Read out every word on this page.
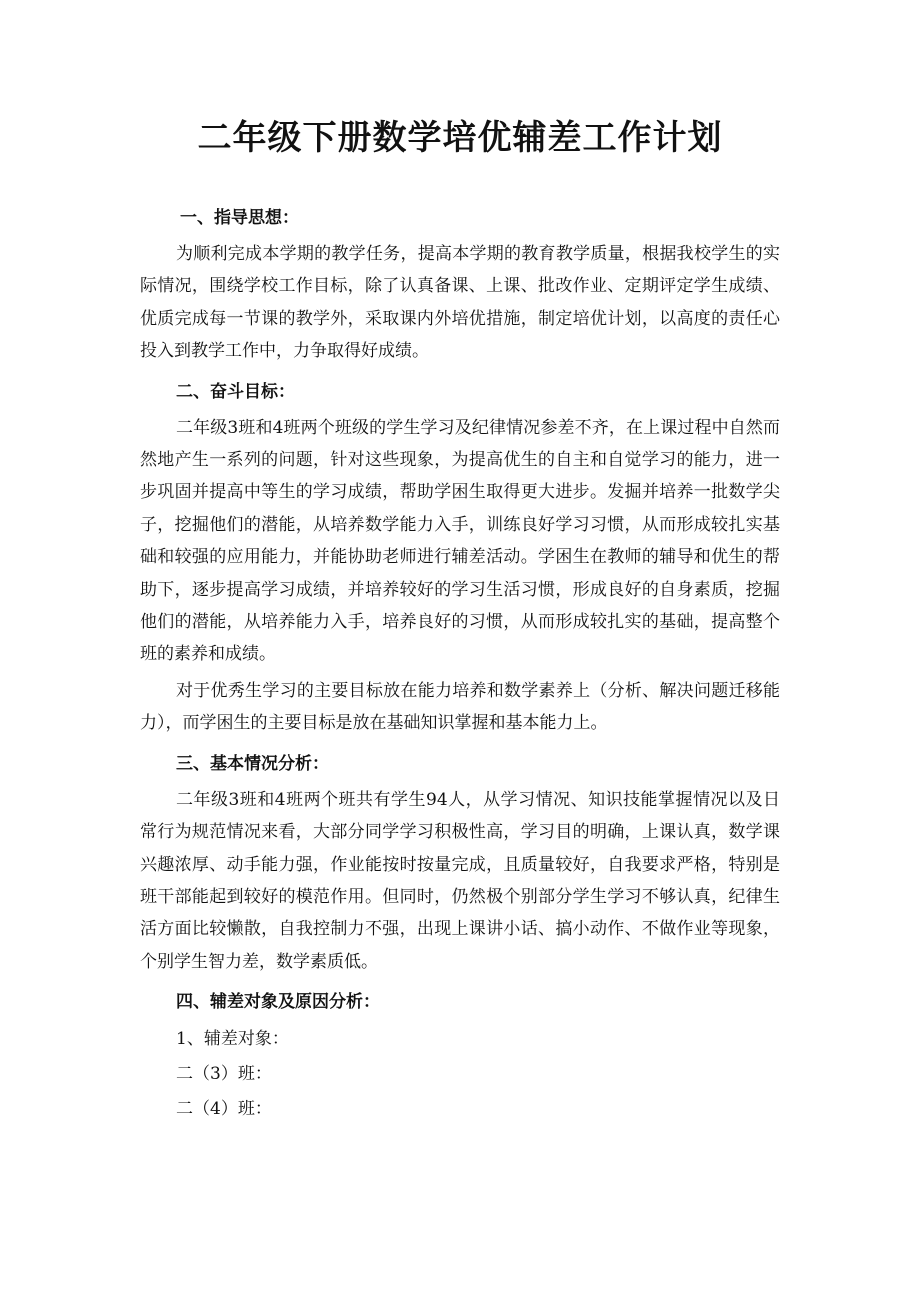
二年级下册数学培优辅差工作计划
一、指导思想：

为顺利完成本学期的教学任务，提高本学期的教育教学质量，根据我校学生的实际情况，围绕学校工作目标，除了认真备课、上课、批改作业、定期评定学生成绩、优质完成每一节课的教学外，采取课内外培优措施，制定培优计划，以高度的责任心投入到教学工作中，力争取得好成绩。

二、奋斗目标：

二年级3班和4班两个班级的学生学习及纪律情况参差不齐，在上课过程中自然而然地产生一系列的问题，针对这些现象，为提高优生的自主和自觉学习的能力，进一步巩固并提高中等生的学习成绩，帮助学困生取得更大进步。发掘并培养一批数学尖子，挖掘他们的潜能，从培养数学能力入手，训练良好学习习惯，从而形成较扎实基础和较强的应用能力，并能协助老师进行辅差活动。学困生在教师的辅导和优生的帮助下，逐步提高学习成绩，并培养较好的学习生活习惯，形成良好的自身素质，挖掘他们的潜能，从培养能力入手，培养良好的习惯，从而形成较扎实的基础，提高整个班的素养和成绩。

对于优秀生学习的主要目标放在能力培养和数学素养上（分析、解决问题迁移能力），而学困生的主要目标是放在基础知识掌握和基本能力上。

三、基本情况分析：

二年级3班和4班两个班共有学生94人，从学习情况、知识技能掌握情况以及日常行为规范情况来看，大部分同学学习积极性高，学习目的明确，上课认真，数学课兴趣浓厚、动手能力强，作业能按时按量完成，且质量较好，自我要求严格，特别是班干部能起到较好的模范作用。但同时，仍然极个别部分学生学习不够认真，纪律生活方面比较懒散，自我控制力不强，出现上课讲小话、搞小动作、不做作业等现象，个别学生智力差，数学素质低。

四、辅差对象及原因分析：
1、辅差对象：
二（3）班：
二（4）班：
